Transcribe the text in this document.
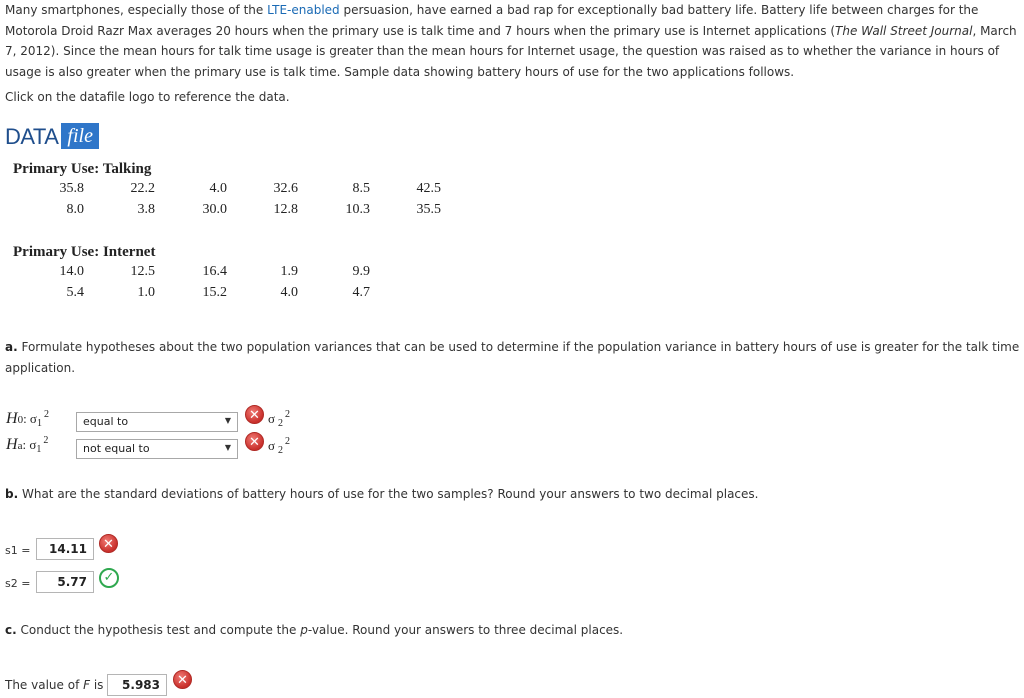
Many smartphones, especially those of the LTE-enabled persuasion, have earned a bad rap for exceptionally bad battery life. Battery life between charges for the Motorola Droid Razr Max averages 20 hours when the primary use is talk time and 7 hours when the primary use is Internet applications (The Wall Street Journal, March 7, 2012). Since the mean hours for talk time usage is greater than the mean hours for Internet usage, the question was raised as to whether the variance in hours of usage is also greater when the primary use is talk time. Sample data showing battery hours of use for the two applications follows.
Click on the datafile logo to reference the data.
DATA file
Primary Use: Talking
35.8	22.2	4.0	32.6	8.5	42.5
8.0	3.8	30.0	12.8	10.3	35.5
Primary Use: Internet
14.0	12.5	16.4	1.9	9.9
5.4	1.0	15.2	4.0	4.7
a. Formulate hypotheses about the two population variances that can be used to determine if the population variance in battery hours of use is greater for the talk time application.
H0: $\sigma 1^2$
equal to	▼	✕ σ $_2^2$
Ha: $\sigma 1^2$
not equal to	▼	✕ σ $_2^2$
b. What are the standard deviations of battery hours of use for the two samples? Round your answers to two decimal places.
s1 =	14.11	✕
s2 =	5.77	✓
c. Conduct the hypothesis test and compute the p-value. Round your answers to three decimal places.
The value of F is	5.983	✕
